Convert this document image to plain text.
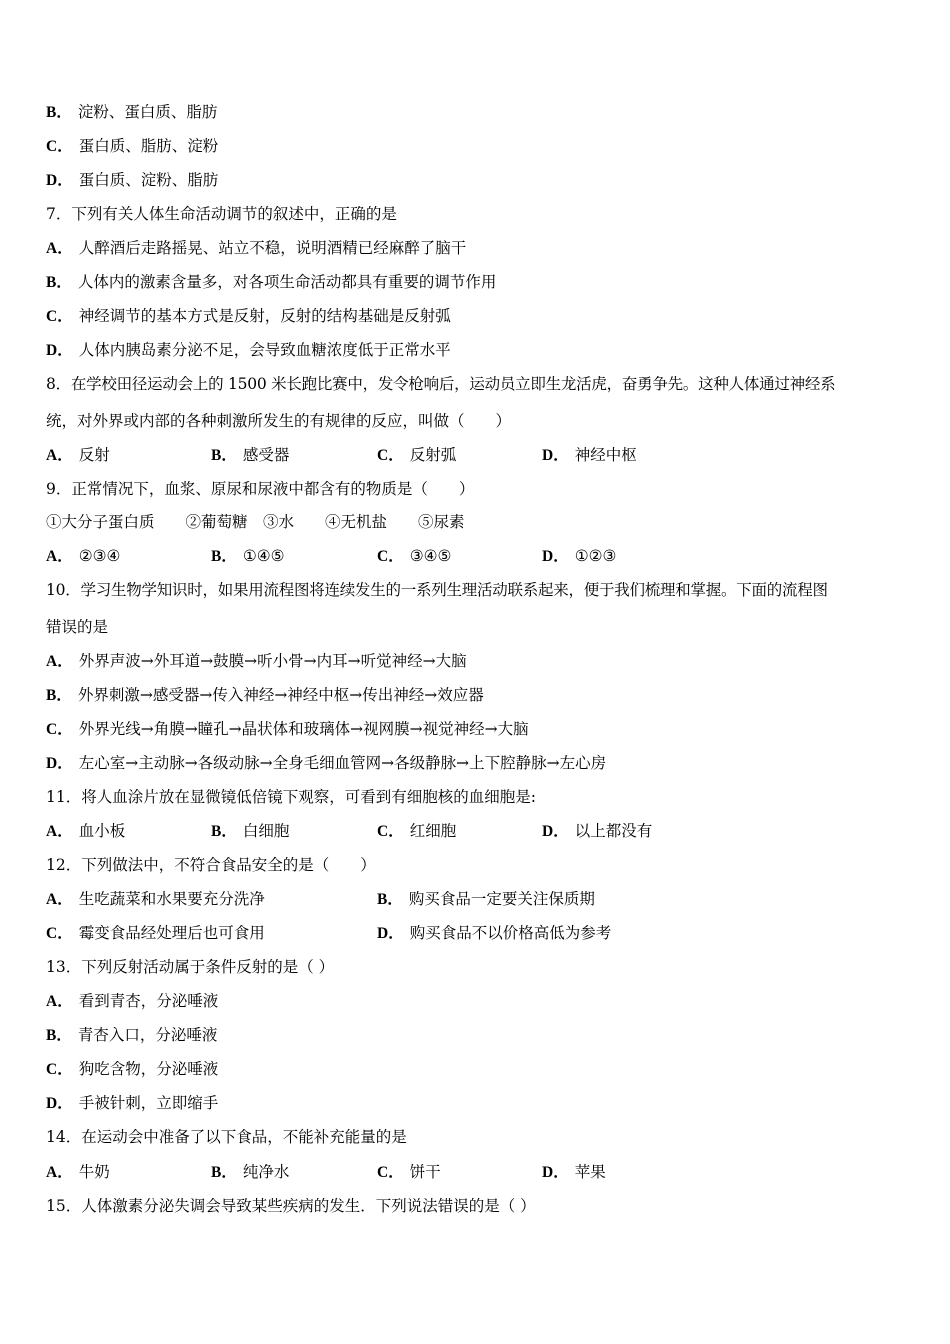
B． 淀粉、蛋白质、脂肪
C． 蛋白质、脂肪、淀粉
D． 蛋白质、淀粉、脂肪
7．下列有关人体生命活动调节的叙述中，正确的是
A． 人醉酒后走路摇晃、站立不稳，说明酒精已经麻醉了脑干
B． 人体内的激素含量多，对各项生命活动都具有重要的调节作用
C． 神经调节的基本方式是反射，反射的结构基础是反射弧
D． 人体内胰岛素分泌不足，会导致血糖浓度低于正常水平
8．在学校田径运动会上的 1500 米长跑比赛中，发令枪响后，运动员立即生龙活虎，奋勇争先。这种人体通过神经系
统，对外界或内部的各种刺激所发生的有规律的反应，叫做（　　）
A． 反射	B． 感受器	C． 反射弧	D． 神经中枢
9．正常情况下，血浆、原尿和尿液中都含有的物质是（　　）
①大分子蛋白质　　②葡萄糖　③水　　④无机盐　　⑤尿素
A． ②③④	B． ①④⑤	C． ③④⑤	D． ①②③
10．学习生物学知识时，如果用流程图将连续发生的一系列生理活动联系起来，便于我们梳理和掌握。下面的流程图
错误的是
A． 外界声波→外耳道→鼓膜→听小骨→内耳→听觉神经→大脑
B． 外界刺激→感受器→传入神经→神经中枢→传出神经→效应器
C． 外界光线→角膜→瞳孔→晶状体和玻璃体→视网膜→视觉神经→大脑
D． 左心室→主动脉→各级动脉→全身毛细血管网→各级静脉→上下腔静脉→左心房
11．将人血涂片放在显微镜低倍镜下观察，可看到有细胞核的血细胞是:
A． 血小板	B． 白细胞	C． 红细胞	D． 以上都没有
12．下列做法中，不符合食品安全的是（　　）
A． 生吃蔬菜和水果要充分洗净	B． 购买食品一定要关注保质期
C． 霉变食品经处理后也可食用	D． 购买食品不以价格高低为参考
13．下列反射活动属于条件反射的是（ ）
A． 看到青杏，分泌唾液
B． 青杏入口，分泌唾液
C． 狗吃含物，分泌唾液
D． 手被针刺，立即缩手
14．在运动会中准备了以下食品，不能补充能量的是
A． 牛奶	B． 纯净水	C． 饼干	D． 苹果
15．人体激素分泌失调会导致某些疾病的发生．下列说法错误的是（ ）
